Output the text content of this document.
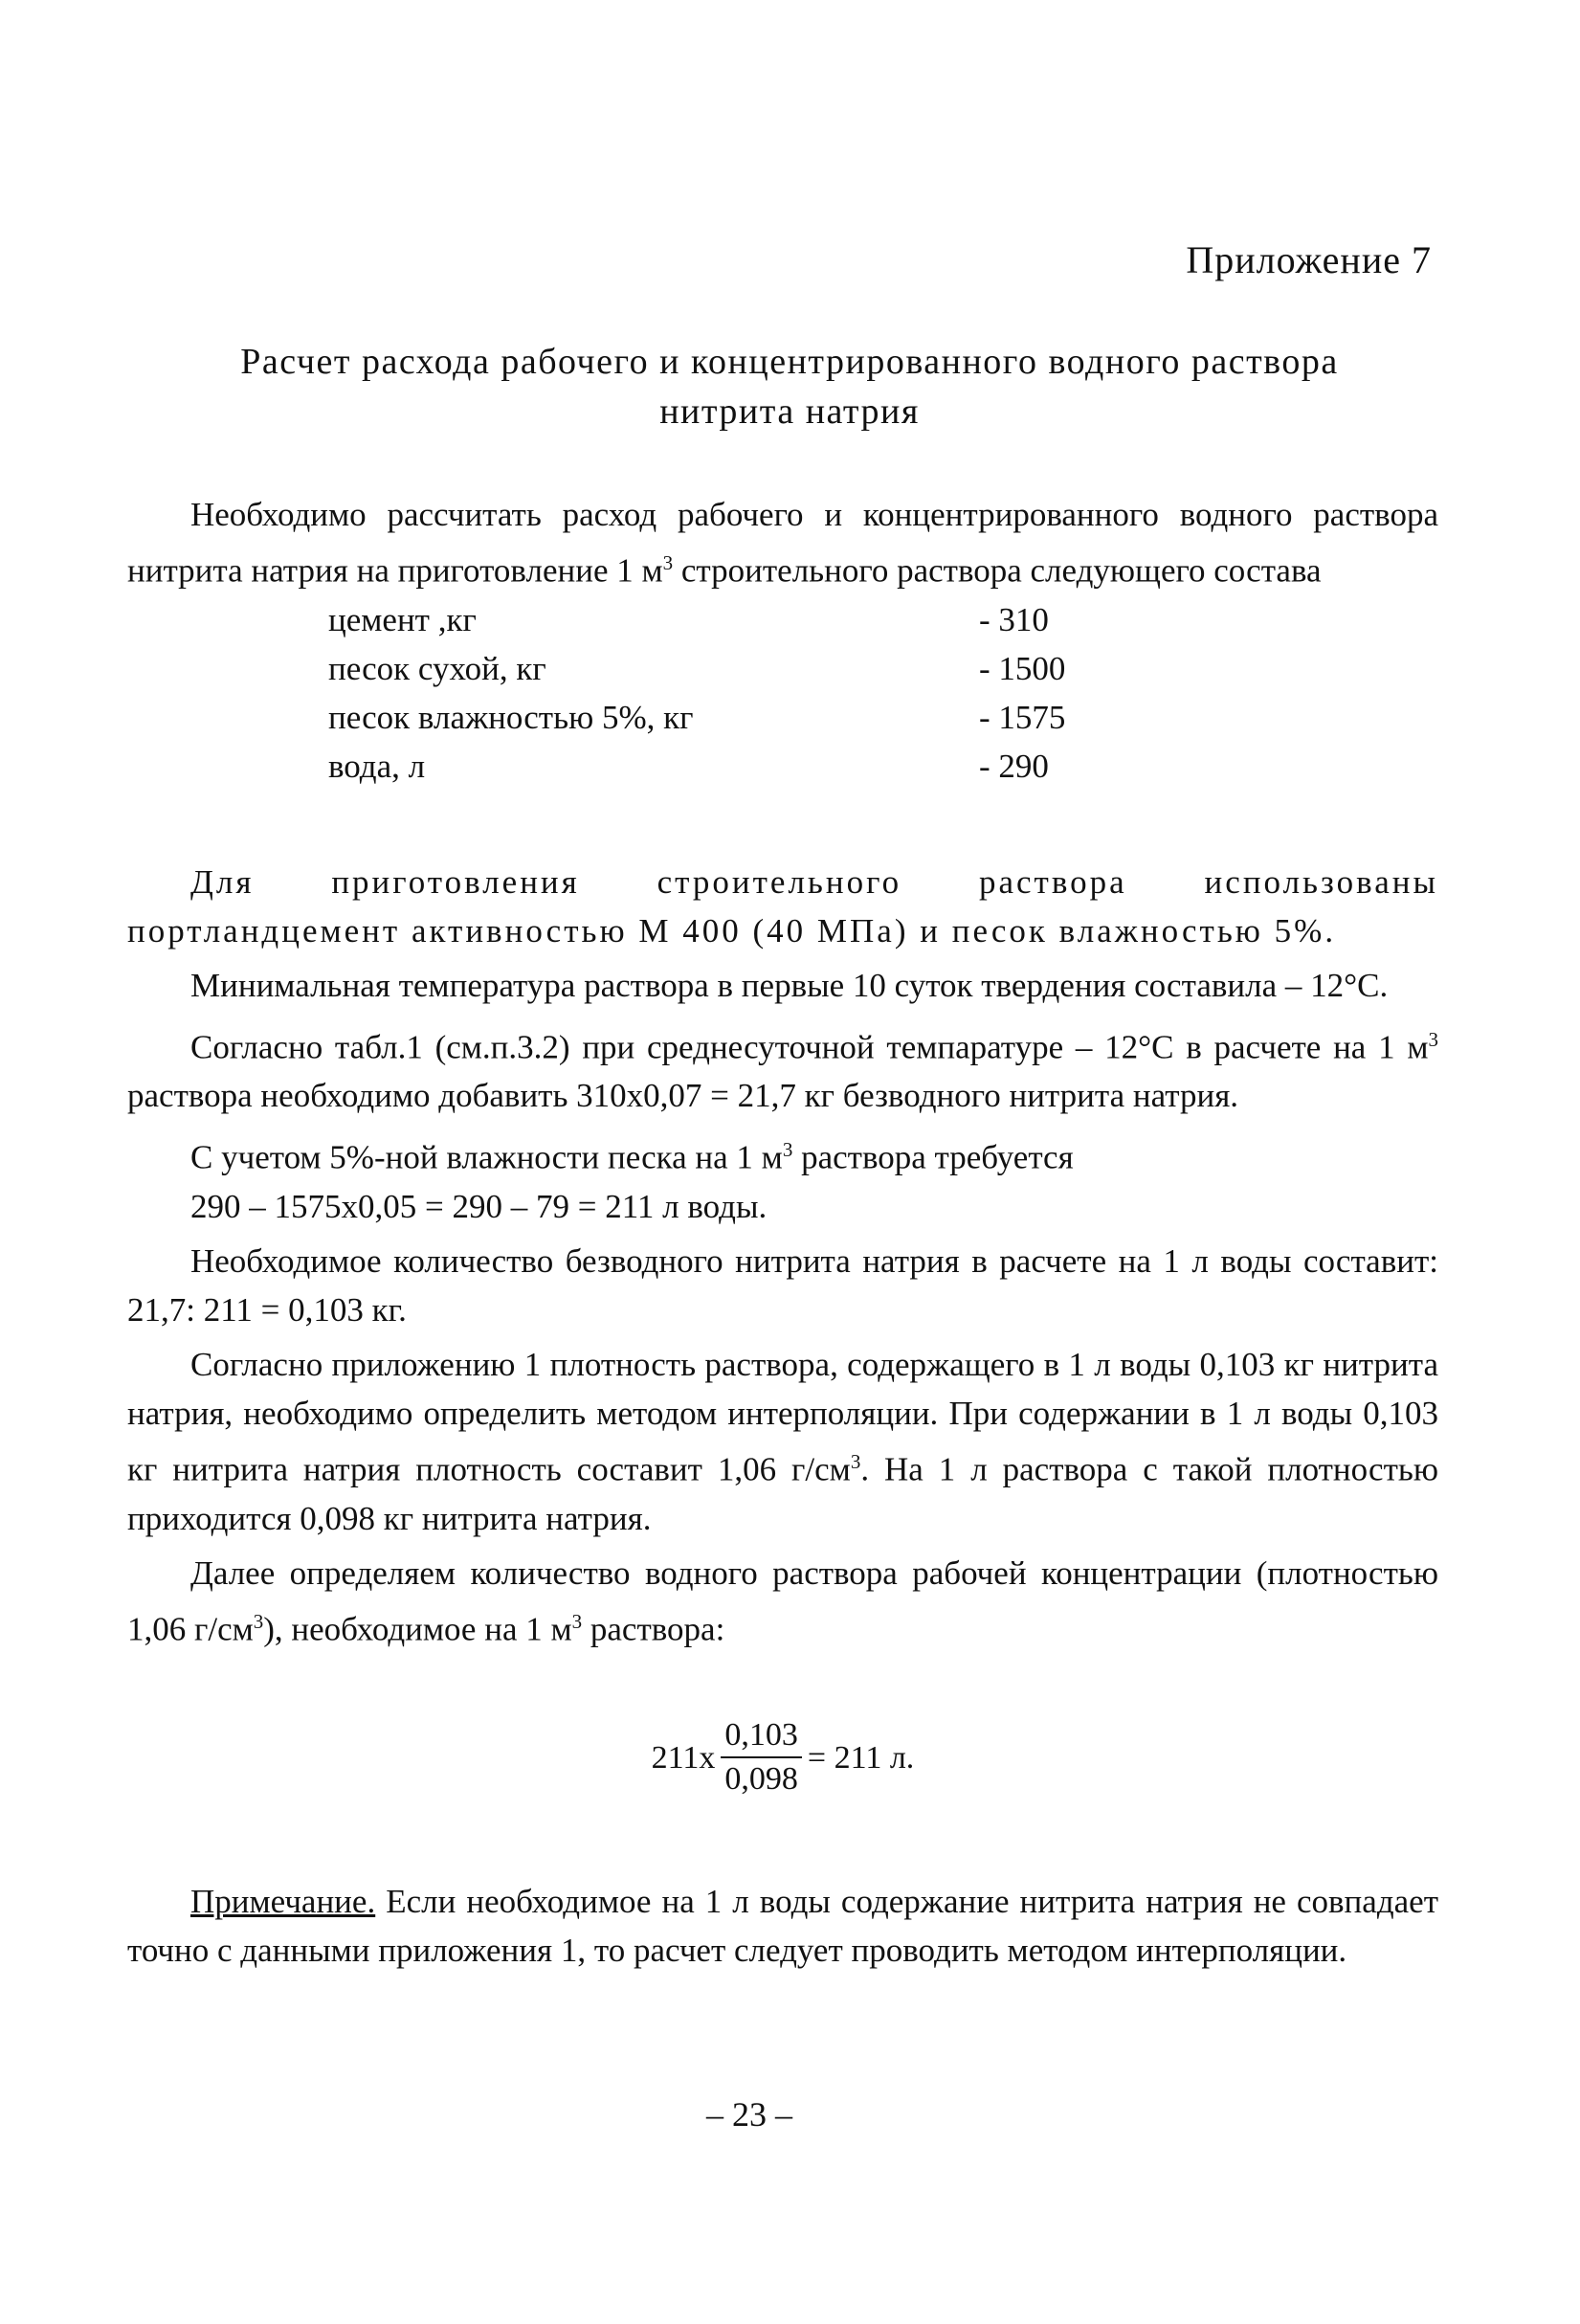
Приложение 7
Расчет расхода рабочего и концентрированного водного раствора
нитрита натрия

Необходимо рассчитать расход рабочего и концентрированного водного раствора нитрита натрия на приготовление 1 $м^3$ строительного раствора следующего состава

цемент ,кг	- 310
песок сухой, кг	- 1500
песок влажностью 5%, кг	- 1575
вода, л	- 290

Для приготовления строительного раствора использованы портландцемент активностью М 400 (40 МПа) и песок влажностью 5%.

Минимальная температура раствора в первые 10 суток твердения составила – 12°С.

Согласно табл.1 (см.п.3.2) при среднесуточной темпаратуре – 12°С в расчете на 1 $м^3$ раствора необходимо добавить 310х0,07 = 21,7 кг безводного нитрита натрия.

С учетом 5%-ной влажности песка на 1 $м^3$ раствора требуется

290 – 1575х0,05 = 290 – 79 = 211 л воды.

Необходимое количество безводного нитрита натрия в расчете на 1 л воды составит: 21,7: 211 = 0,103 кг.

Согласно приложению 1 плотность раствора, содержащего в 1 л воды 0,103 кг нитрита натрия, необходимо определить методом интерполяции. При содержании в 1 л воды 0,103 кг нитрита натрия плотность составит 1,06 $г/см^3$. На 1 л раствора с такой плотностью приходится 0,098 кг нитрита натрия.

Далее определяем количество водного раствора рабочей концентрации (плотностью 1,06 $г/см^3$), необходимое на 1 $м^3$ раствора:

$211х \frac{0,103}{0,098} = 211$ л.

Примечание. Если необходимое на 1 л воды содержание нитрита натрия не совпадает точно с данными приложения 1, то расчет следует проводить методом интерполяции.

– 23 –
